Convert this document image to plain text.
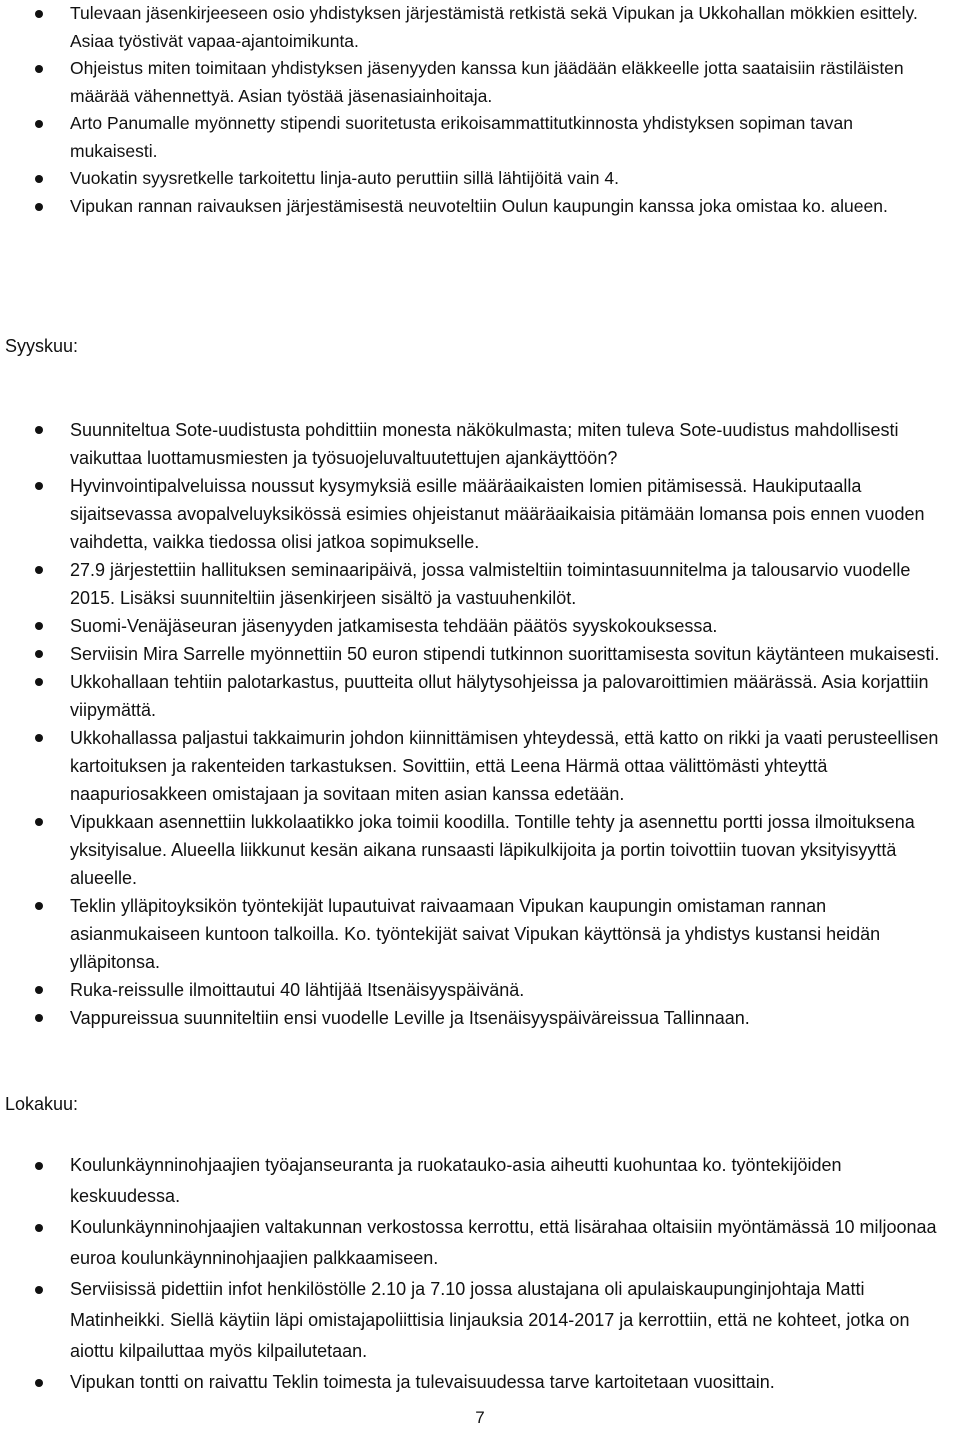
Tulevaan jäsenkirjeeseen osio yhdistyksen järjestämistä retkistä sekä Vipukan ja Ukkohallan mökkien esittely. Asiaa työstivät vapaa-ajantoimikunta.
Ohjeistus miten toimitaan yhdistyksen jäsenyyden kanssa kun jäädään eläkkeelle jotta saataisiin rästiläisten määrää vähennettyä. Asian työstää jäsenasiainhoitaja.
Arto Panumalle myönnetty stipendi suoritetusta erikoisammattitutkinnosta yhdistyksen sopiman tavan mukaisesti.
Vuokatin syysretkelle tarkoitettu linja-auto peruttiin sillä lähtijöitä vain 4.
Vipukan rannan raivauksen järjestämisestä neuvoteltiin Oulun kaupungin kanssa joka omistaa ko. alueen.
Syyskuu:
Suunniteltua Sote-uudistusta pohdittiin monesta näkökulmasta; miten tuleva Sote-uudistus mahdollisesti vaikuttaa luottamusmiesten ja työsuojeluvaltuutettujen ajankäyttöön?
Hyvinvointipalveluissa noussut kysymyksiä esille määräaikaisten lomien pitämisessä. Haukiputaalla sijaitsevassa avopalveluyksikössä esimies ohjeistanut määräaikaisia pitämään lomansa pois ennen vuoden vaihdetta, vaikka tiedossa olisi jatkoa sopimukselle.
27.9 järjestettiin hallituksen seminaaripäivä, jossa valmisteltiin toimintasuunnitelma ja talousarvio vuodelle 2015. Lisäksi suunniteltiin jäsenkirjeen sisältö ja vastuuhenkilöt.
Suomi-Venäjäseuran jäsenyyden jatkamisesta tehdään päätös syyskokouksessa.
Serviisin Mira Sarrelle myönnettiin 50 euron stipendi tutkinnon suorittamisesta sovitun käytänteen mukaisesti.
Ukkohallaan tehtiin palotarkastus, puutteita ollut hälytysohjeissa ja palovaroittimien määrässä. Asia korjattiin viipymättä.
Ukkohallassa paljastui takkaimurin johdon kiinnittämisen yhteydessä, että katto on rikki ja vaati perusteellisen kartoituksen ja rakenteiden tarkastuksen. Sovittiin, että Leena Härmä ottaa välittömästi yhteyttä naapuriosakkeen omistajaan ja sovitaan miten asian kanssa edetään.
Vipukkaan asennettiin lukkolaatikko joka toimii koodilla. Tontille tehty ja asennettu portti jossa ilmoituksena yksityisalue. Alueella liikkunut kesän aikana runsaasti läpikulkijoita ja portin toivottiin tuovan yksityisyyttä alueelle.
Teklin ylläpitoyksikön työntekijät lupautuivat raivaamaan Vipukan kaupungin omistaman rannan asianmukaiseen kuntoon talkoilla. Ko. työntekijät saivat Vipukan käyttönsä ja yhdistys kustansi heidän ylläpitonsa.
Ruka-reissulle ilmoittautui 40 lähtijää Itsenäisyyspäivänä.
Vappureissua suunniteltiin ensi vuodelle Leville ja Itsenäisyyspäiväreissua Tallinnaan.
Lokakuu:
Koulunkäynninohjaajien työajanseuranta ja ruokatauko-asia aiheutti kuohuntaa ko. työntekijöiden keskuudessa.
Koulunkäynninohjaajien valtakunnan verkostossa kerrottu, että lisärahaa oltaisiin myöntämässä 10 miljoonaa euroa koulunkäynninohjaajien palkkaamiseen.
Serviisissä pidettiin infot henkilöstölle 2.10 ja 7.10 jossa alustajana oli apulaiskaupunginjohtaja Matti Matinheikki. Siellä käytiin läpi omistajapoliittisia linjauksia 2014-2017 ja kerrottiin, että ne kohteet, jotka on aiottu kilpailuttaa myös kilpailutetaan.
Vipukan tontti on raivattu Teklin toimesta ja tulevaisuudessa tarve kartoitetaan vuosittain.
7
